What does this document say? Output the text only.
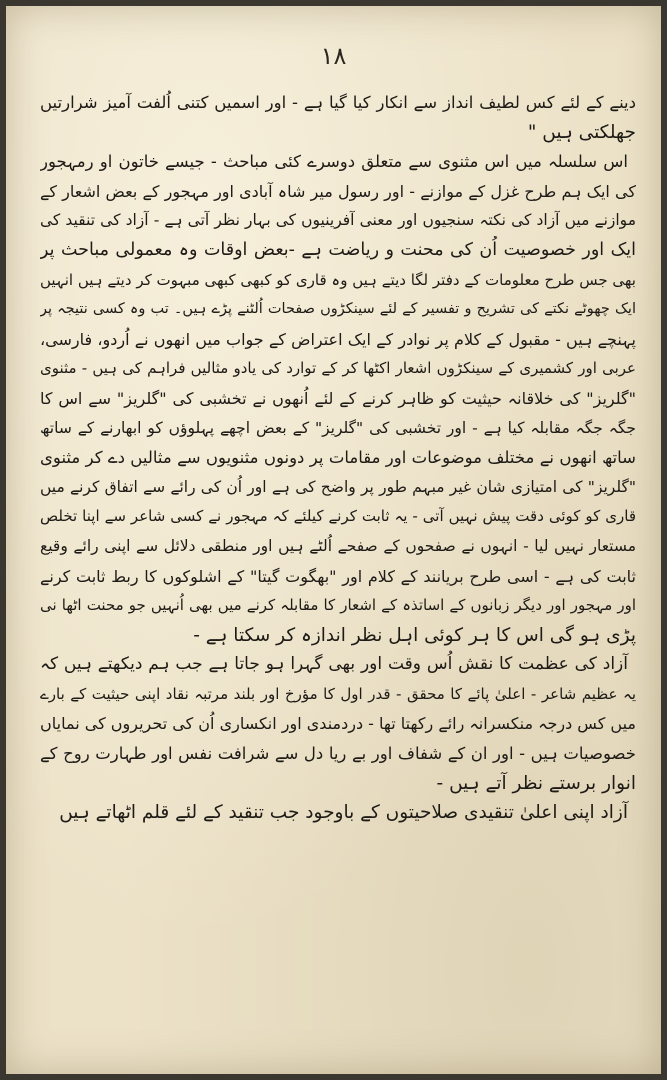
۱۸
دینے کے لئے کس لطیف انداز سے انکار کیا گیا ہے - اور اسمیں کتنی اُلفت آمیز شرارتیں
جھلکتی ہیں "
اس سلسلہ میں اس مثنوی سے متعلق دوسرے کئی مباحث - جیسے خاتون او رمہجور
کی ایک ہم طرح غزل کے موازنے - اور رسول میر شاہ آبادی اور مہجور کے بعض اشعار کے
موازنے میں آزاد کی نکتہ سنجیوں اور معنی آفرینیوں کی بہار نظر آتی ہے - آزاد کی تنقید کی
ایک اور خصوصیت اُن کی محنت و ریاضت ہے -بعض اوقات وہ معمولی مباحث پر
بھی جس طرح معلومات کے دفتر لگا دیتے ہیں وہ قاری کو کبھی کبھی مبہوت کر دیتے ہیں انہیں
ایک چھوٹے نکتے کی تشریح و تفسیر کے لئے سینکڑوں صفحات اُلٹنے پڑے ہیں۔ تب وہ کسی نتیجہ پر
پہنچے ہیں - مقبول کے کلام پر نوادر کے ایک اعتراض کے جواب میں انھوں نے اُردو، فارسی،
عربی اور کشمیری کے سینکڑوں اشعار اکٹھا کر کے توارد کی یادو مثالیں فراہم کی ہیں - مثنوی
"گلریز" کی خلاقانہ حیثیت کو ظاہر کرنے کے لئے اُنھوں نے تخشبی کی "گلریز" سے اس کا
جگہ جگہ مقابلہ کیا ہے - اور تخشبی کی "گلریز" کے بعض اچھے پہلوؤں کو ابھارنے کے ساتھ
ساتھ انھوں نے مختلف موضوعات اور مقامات پر دونوں مثنویوں سے مثالیں دے کر مثنوی
"گلریز" کی امتیازی شان غیر مبہم طور پر واضح کی ہے اور اُن کی رائے سے اتفاق کرنے میں
قاری کو کوئی دقت پیش نہیں آتی - یہ ثابت کرنے کیلئے کہ مہجور نے کسی شاعر سے اپنا تخلص
مستعار نہیں لیا - انہوں نے صفحوں کے صفحے اُلٹے ہیں اور منطقی دلائل سے اپنی رائے وقیع
ثابت کی ہے - اسی طرح بریانند کے کلام اور "بھگوت گیتا" کے اشلوکوں کا ربط ثابت کرنے
اور مہجور اور دیگر زبانوں کے اساتذہ کے اشعار کا مقابلہ کرنے میں بھی اُنہیں جو محنت اٹھا نی
پڑی ہو گی اس کا ہر کوئی اہل نظر اندازہ کر سکتا ہے -
آزاد کی عظمت کا نقش اُس وقت اور بھی گہرا ہو جاتا ہے جب ہم دیکھتے ہیں کہ
یہ عظیم شاعر - اعلیٰ پائے کا محقق - قدر اول کا مؤرخ اور بلند مرتبہ نقاد اپنی حیثیت کے بارے
میں کس درجہ منکسرانہ رائے رکھتا تھا - دردمندی اور انکساری اُن کی تحریروں کی نمایاں
خصوصیات ہیں - اور ان کے شفاف اور بے ریا دل سے شرافت نفس اور طہارت روح کے
انوار برستے نظر آتے ہیں -
آزاد اپنی اعلیٰ تنقیدی صلاحیتوں کے باوجود جب تنقید کے لئے قلم اٹھاتے ہیں
